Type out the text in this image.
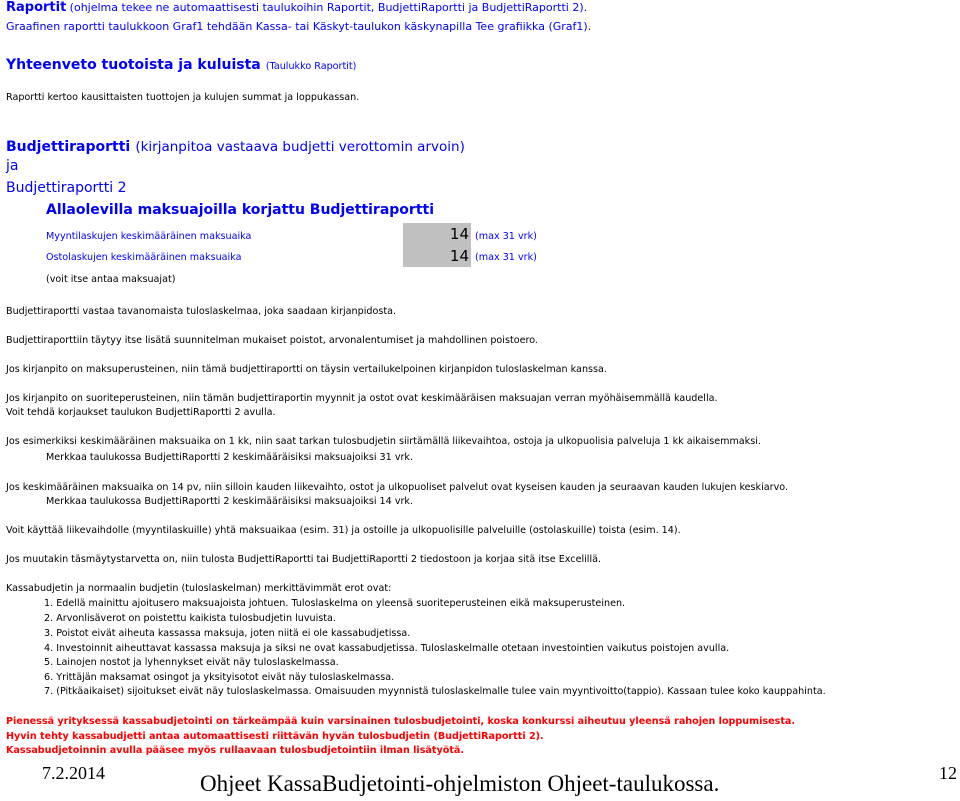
Raportit (ohjelma tekee ne automaattisesti taulukoihin Raportit, BudjettiRaportti ja BudjettiRaportti 2).
Graafinen raportti taulukkoon Graf1 tehdään Kassa- tai Käskyt-taulukon käskynapilla Tee grafiikka (Graf1).
Yhteenveto tuotoista ja kuluista (Taulukko Raportit)
Raportti kertoo kausittaisten tuottojen ja kulujen summat ja loppukassan.
Budjettiraportti (kirjanpitoa vastaava budjetti verottomin arvoin)
ja
Budjettiraportti 2
Allaolevilla maksuajoilla korjattu Budjettiraportti
Myyntilaskujen keskimääräinen maksuaika	14 (max 31 vrk)
Ostolaskujen keskimääräinen maksuaika	14 (max 31 vrk)
(voit itse antaa maksuajat)
Budjettiraportti vastaa tavanomaista tuloslaskelmaa, joka saadaan kirjanpidosta.
Budjettiraporttiin täytyy itse lisätä suunnitelman mukaiset poistot, arvonalentumiset ja mahdollinen poistoero.
Jos kirjanpito on maksuperusteinen, niin tämä budjettiraportti on täysin vertailukelpoinen kirjanpidon tuloslaskelman kanssa.
Jos kirjanpito on suoriteperusteinen, niin tämän budjettiraportin myynnit ja ostot ovat keskimääräisen maksuajan verran myöhäisemmällä kaudella.
Voit tehdä korjaukset taulukon BudjettiRaportti 2 avulla.
Jos esimerkiksi keskimääräinen maksuaika on 1 kk, niin saat tarkan tulosbudjetin siirtämällä liikevaihtoa, ostoja ja ulkopuolisia palveluja 1 kk aikaisemmaksi.
Merkkaa taulukossa BudjettiRaportti 2 keskimääräisiksi maksuajoiksi 31 vrk.
Jos keskimääräinen maksuaika on 14 pv, niin silloin kauden liikevaihto, ostot ja ulkopuoliset palvelut ovat kyseisen kauden ja seuraavan kauden lukujen keskiarvo.
Merkkaa taulukossa BudjettiRaportti 2 keskimääräisiksi maksuajoiksi 14 vrk.
Voit käyttää liikevaihdolle (myyntilaskuille) yhtä maksuaikaa (esim. 31) ja ostoille ja ulkopuolisille palveluille (ostolaskuille) toista (esim. 14).
Jos muutakin täsmäytystarvetta on, niin tulosta BudjettiRaportti tai BudjettiRaportti 2 tiedostoon ja korjaa sitä itse Excelillä.
Kassabudjetin ja normaalin budjetin (tuloslaskelman) merkittävimmät erot ovat:
1. Edellä mainittu ajoitusero maksuajoista johtuen. Tuloslaskelma on yleensä suoriteperusteinen eikä maksuperusteinen.
2. Arvonlisäverot on poistettu kaikista tulosbudjetin luvuista.
3. Poistot eivät aiheuta kassassa maksuja, joten niitä ei ole kassabudjetissa.
4. Investoinnit aiheuttavat kassassa maksuja ja siksi ne ovat kassabudjetissa. Tuloslaskelmalle otetaan investointien vaikutus poistojen avulla.
5. Lainojen nostot ja lyhennykset eivät näy tuloslaskelmassa.
6. Yrittäjän maksamat osingot ja yksityisotot eivät näy tuloslaskelmassa.
7. (Pitkäaikaiset) sijoitukset eivät näy tuloslaskelmassa. Omaisuuden myynnistä tuloslaskelmalle tulee vain myyntivoitto(tappio). Kassaan tulee koko kauppahinta.
Pienessä yrityksessä kassabudjetointi on tärkeämpää kuin varsinainen tulosbudjetointi, koska konkurssi aiheutuu yleensä rahojen loppumisesta.
Hyvin tehty kassabudjetti antaa automaattisesti riittävän hyvän tulosbudjetin (BudjettiRaportti 2).
Kassabudjetoinnin avulla pääsee myös rullaavaan tulosbudjetointiin ilman lisätyötä.
7.2.2014	Ohjeet KassaBudjetointi-ohjelmiston Ohjeet-taulukossa.	12
